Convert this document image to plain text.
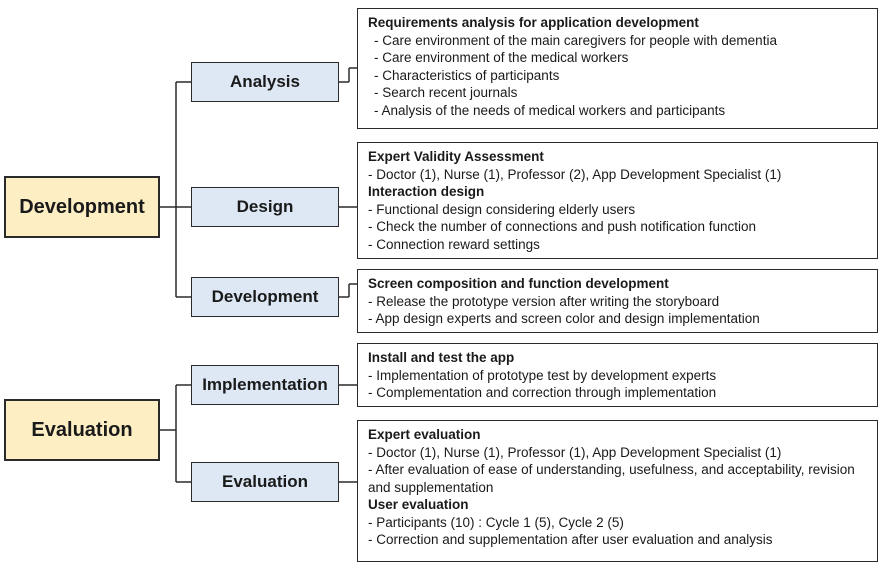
Development
Evaluation
Analysis
Design
Development
Implementation
Evaluation
Requirements analysis for application development
- Care environment of the main caregivers for people with dementia
- Care environment of the medical workers
- Characteristics of participants
- Search recent journals
- Analysis of the needs of medical workers and participants
Expert Validity Assessment
- Doctor (1), Nurse (1), Professor (2), App Development Specialist (1)
Interaction design
- Functional design considering elderly users
- Check the number of connections and push notification function
- Connection reward settings
Screen composition and function development
- Release the prototype version after writing the storyboard
- App design experts and screen color and design implementation
Install and test the app
- Implementation of prototype test by development experts
- Complementation and correction through implementation
Expert evaluation
- Doctor (1), Nurse (1), Professor (1), App Development Specialist (1)
- After evaluation of ease of understanding, usefulness, and acceptability, revision and supplementation
User evaluation
- Participants (10) : Cycle 1 (5), Cycle 2 (5)
- Correction and supplementation after user evaluation and analysis
